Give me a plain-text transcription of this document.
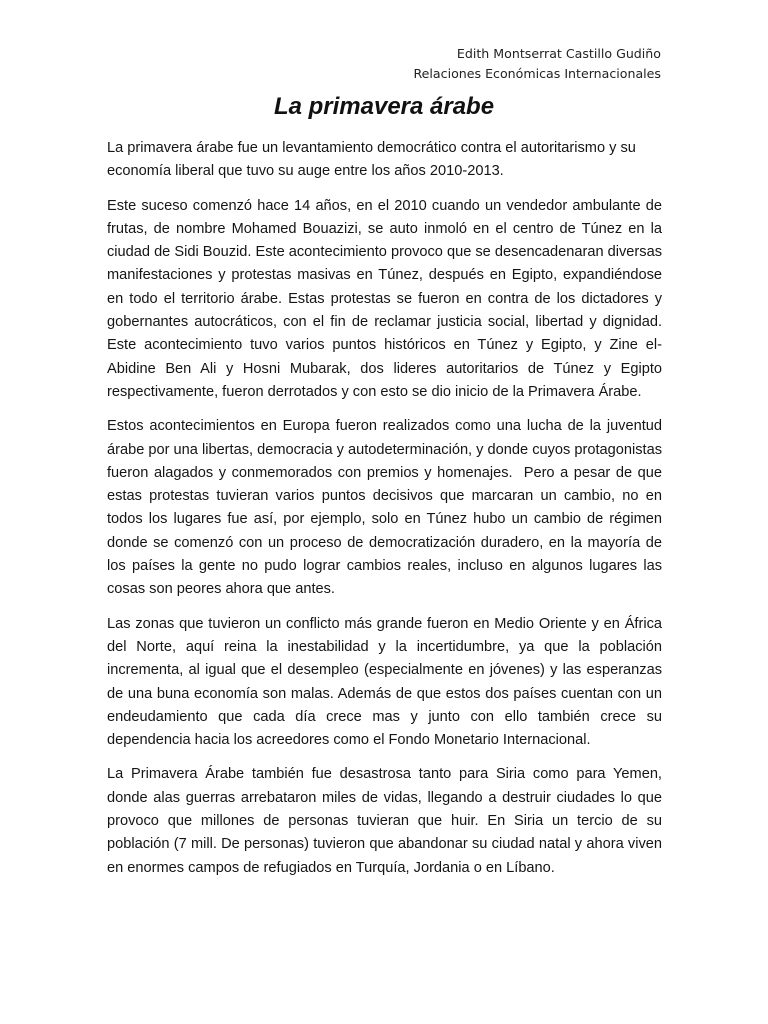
Edith Montserrat Castillo Gudiño
Relaciones Económicas Internacionales
La primavera árabe

La primavera árabe fue un levantamiento democrático contra el autoritarismo y su economía liberal que tuvo su auge entre los años 2010-2013.

Este suceso comenzó hace 14 años, en el 2010 cuando un vendedor ambulante de frutas, de nombre Mohamed Bouazizi, se auto inmoló en el centro de Túnez en la ciudad de Sidi Bouzid. Este acontecimiento provoco que se desencadenaran diversas manifestaciones y protestas masivas en Túnez, después en Egipto, expandiéndose en todo el territorio árabe. Estas protestas se fueron en contra de los dictadores y gobernantes autocráticos, con el fin de reclamar justicia social, libertad y dignidad.  Este acontecimiento tuvo varios puntos históricos en Túnez y Egipto, y Zine el-Abidine Ben Ali y Hosni Mubarak, dos lideres autoritarios de Túnez y Egipto respectivamente, fueron derrotados y con esto se dio inicio de la Primavera Árabe.

Estos acontecimientos en Europa fueron realizados como una lucha de la juventud árabe por una libertas, democracia y autodeterminación, y donde cuyos protagonistas fueron alagados y conmemorados con premios y homenajes.  Pero a pesar de que estas protestas tuvieran varios puntos decisivos que marcaran un cambio, no en todos los lugares fue así, por ejemplo, solo en Túnez hubo un cambio de régimen donde se comenzó con un proceso de democratización duradero, en la mayoría de los países la gente no pudo lograr cambios reales, incluso en algunos lugares las cosas son peores ahora que antes.

Las zonas que tuvieron un conflicto más grande fueron en Medio Oriente y en África del Norte, aquí reina la inestabilidad y la incertidumbre, ya que la población incrementa, al igual que el desempleo (especialmente en jóvenes) y las esperanzas de una buna economía son malas. Además de que estos dos países cuentan con un endeudamiento que cada día crece mas y junto con ello también crece su dependencia hacia los acreedores como el Fondo Monetario Internacional.

La Primavera Árabe también fue desastrosa tanto para Siria como para Yemen, donde alas guerras arrebataron miles de vidas, llegando a destruir ciudades lo que provoco que millones de personas tuvieran que huir. En Siria un tercio de su población (7 mill. De personas) tuvieron que abandonar su ciudad natal y ahora viven en enormes campos de refugiados en Turquía, Jordania o en Líbano.
